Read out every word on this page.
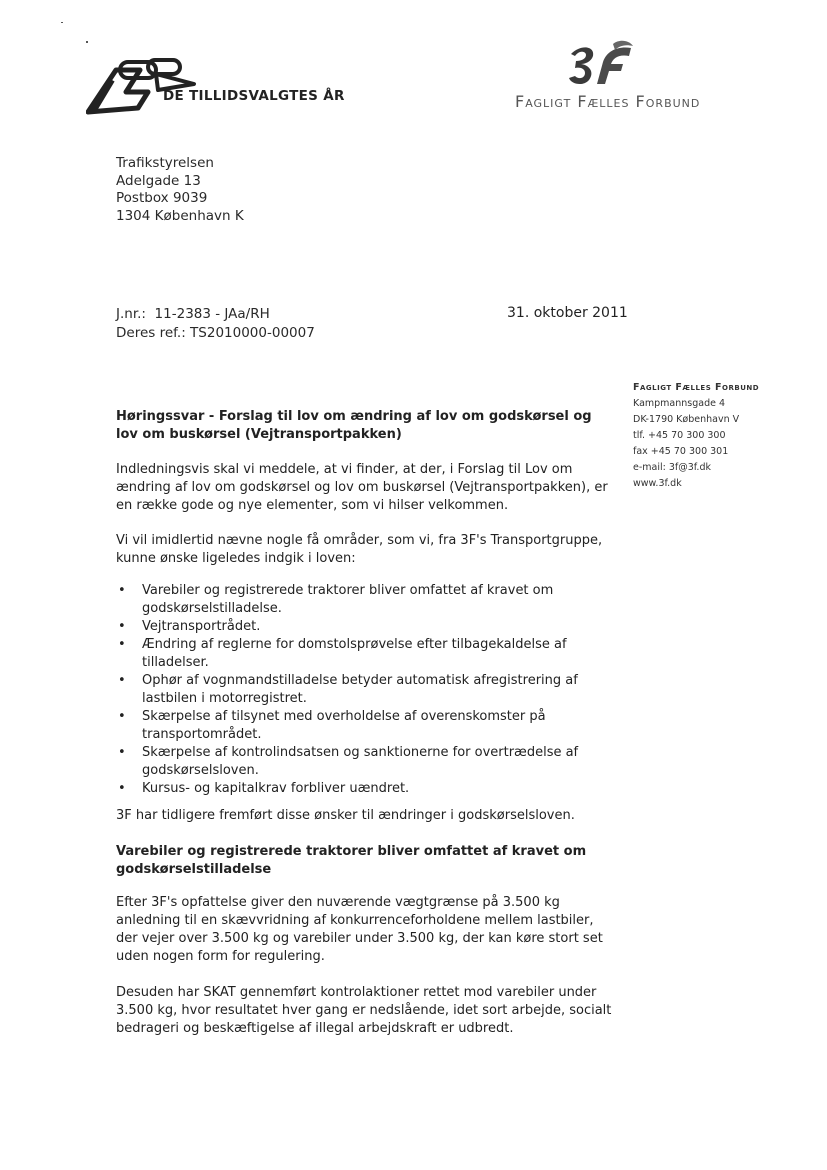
DE TILLIDSVALGTES ÅR	Fagligt Fælles Forbund
Trafikstyrelsen
Adelgade 13
Postbox 9039
1304 København K
J.nr.:  11-2383 - JAa/RH
Deres ref.: TS2010000-00007
31. oktober 2011
Fagligt Fælles Forbund
Kampmannsgade 4
DK-1790 København V
tlf. +45 70 300 300
fax +45 70 300 301
e-mail: 3f@3f.dk
www.3f.dk

Høringssvar - Forslag til lov om ændring af lov om godskørsel og lov om buskørsel (Vejtransportpakken)

Indledningsvis skal vi meddele, at vi finder, at der, i Forslag til Lov om ændring af lov om godskørsel og lov om buskørsel (Vejtransportpakken), er en række gode og nye elementer, som vi hilser velkommen.

Vi vil imidlertid nævne nogle få områder, som vi, fra 3F's Transportgruppe, kunne ønske ligeledes indgik i loven:

• Varebiler og registrerede traktorer bliver omfattet af kravet om godskørselstilladelse.
• Vejtransportrådet.
• Ændring af reglerne for domstolsprøvelse efter tilbagekaldelse af tilladelser.
• Ophør af vognmandstilladelse betyder automatisk afregistrering af lastbilen i motorregistret.
• Skærpelse af tilsynet med overholdelse af overenskomster på transportområdet.
• Skærpelse af kontrolindsatsen og sanktionerne for overtrædelse af godskørselsloven.
• Kursus- og kapitalkrav forbliver uændret.

3F har tidligere fremført disse ønsker til ændringer i godskørselsloven.

Varebiler og registrerede traktorer bliver omfattet af kravet om godskørselstilladelse

Efter 3F's opfattelse giver den nuværende vægtgrænse på 3.500 kg anledning til en skævvridning af konkurrenceforholdene mellem lastbiler, der vejer over 3.500 kg og varebiler under 3.500 kg, der kan køre stort set uden nogen form for regulering.

Desuden har SKAT gennemført kontrolaktioner rettet mod varebiler under 3.500 kg, hvor resultatet hver gang er nedslående, idet sort arbejde, socialt bedrageri og beskæftigelse af illegal arbejdskraft er udbredt.
